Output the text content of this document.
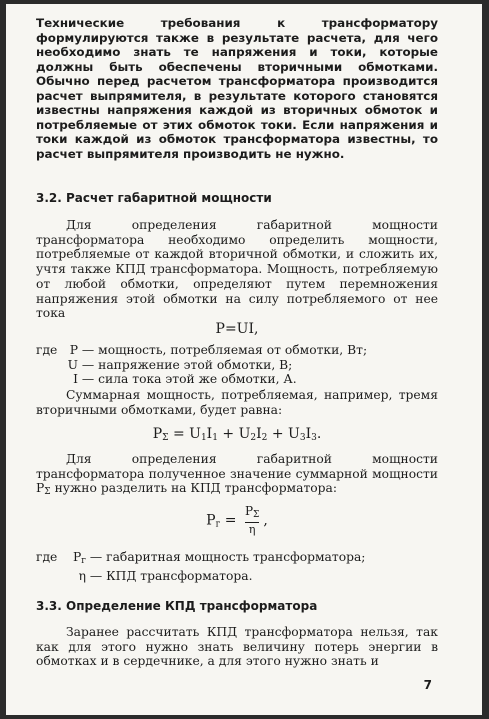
Технические требования к трансформатору формулируются также в результате расчета, для чего необходимо знать те напряжения и токи, которые должны быть обеспечены вторичными обмотками. Обычно перед расчетом трансформатора производится расчет выпрямителя, в результате которого становятся известны напряжения каждой из вторичных обмоток и потребляемые от этих обмоток токи. Если напряжения и токи каждой из обмоток трансформатора известны, то расчет выпрямителя производить не нужно.

3.2. Расчет габаритной мощности

Для определения габаритной мощности трансформатора необходимо определить мощности, потребляемые от каждой вторичной обмотки, и сложить их, учтя также КПД трансформатора. Мощность, потребляемую от любой обмотки, определяют путем перемножения напряжения этой обмотки на силу потребляемого от нее тока

P=UI,
где P — мощность, потребляемая от обмотки, Вт;
U — напряжение этой обмотки, В;
I — сила тока этой же обмотки, А.

Суммарная мощность, потребляемая, например, тремя вторичными обмотками, будет равна:

$P_\Sigma = U_1I_1 + U_2I_2 + U_3I_3$.

Для определения габаритной мощности трансформатора полученное значение суммарной мощности $P_\Sigma$ нужно разделить на КПД трансформатора:

$P_г = \frac{P_\Sigma}{\eta}$ ,
где $P_г$ — габаритная мощность трансформатора;
η — КПД трансформатора.

3.3. Определение КПД трансформатора

Заранее рассчитать КПД трансформатора нельзя, так как для этого нужно знать величину потерь энергии в обмотках и в сердечнике, а для этого нужно знать и

7
